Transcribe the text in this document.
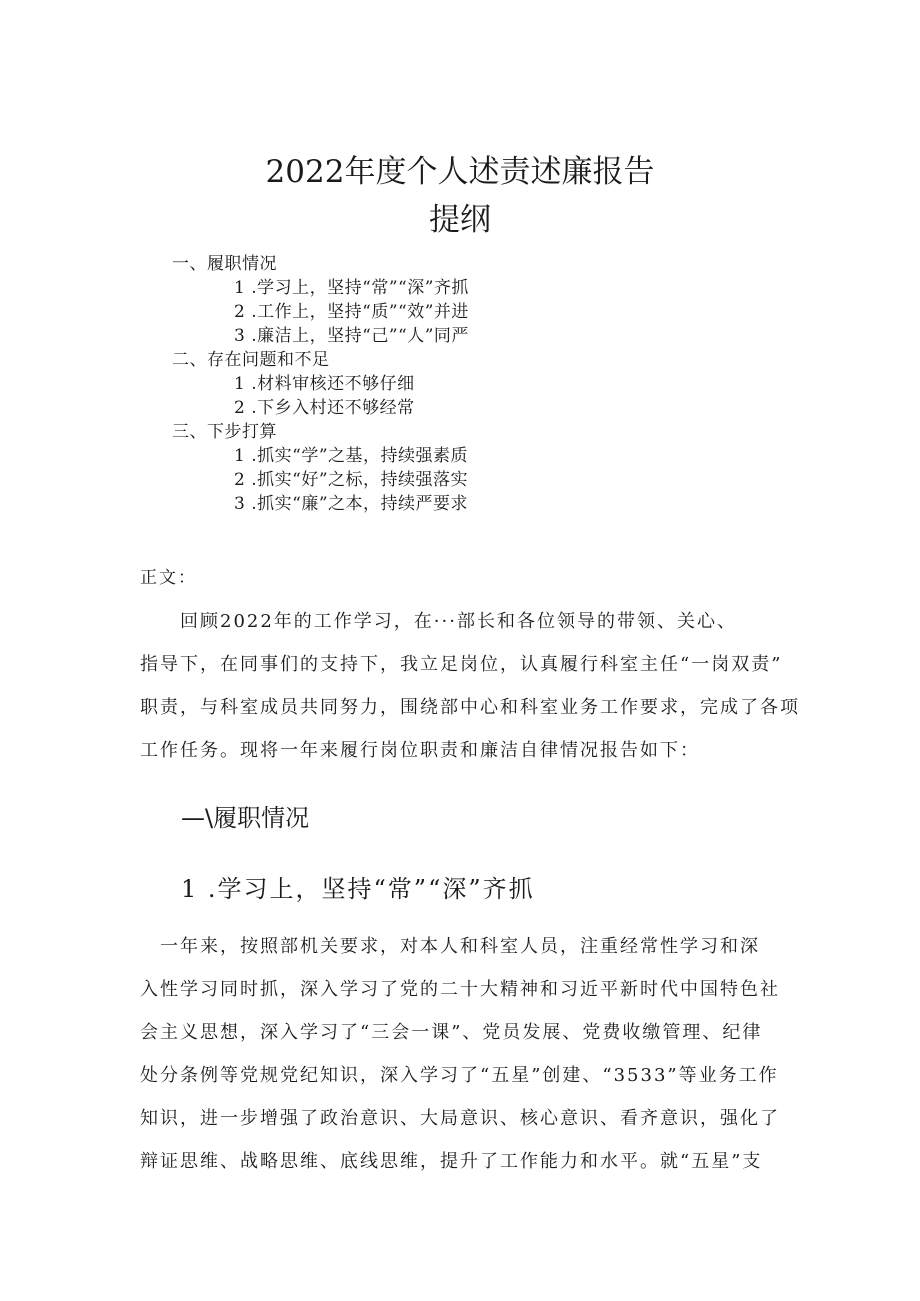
2022年度个人述责述廉报告
提纲
一、履职情况
1 .学习上，坚持“常”“深”齐抓
2 .工作上，坚持“质”“效”并进
3 .廉洁上，坚持“己”“人”同严
二、存在问题和不足
1 .材料审核还不够仔细
2 .下乡入村还不够经常
三、下步打算
1 .抓实“学”之基，持续强素质
2 .抓实“好”之标，持续强落实
3 .抓实“廉”之本，持续严要求
正文：
　　回顾2022年的工作学习，在···部长和各位领导的带领、关心、
指导下，在同事们的支持下，我立足岗位，认真履行科室主任“一岗双责”
职责，与科室成员共同努力，围绕部中心和科室业务工作要求，完成了各项
工作任务。现将一年来履行岗位职责和廉洁自律情况报告如下：
—\履职情况
1 .学习上，坚持“常”“深”齐抓
　一年来，按照部机关要求，对本人和科室人员，注重经常性学习和深
入性学习同时抓，深入学习了党的二十大精神和习近平新时代中国特色社
会主义思想，深入学习了“三会一课”、党员发展、党费收缴管理、纪律
处分条例等党规党纪知识，深入学习了“五星”创建、“3533”等业务工作
知识，进一步增强了政治意识、大局意识、核心意识、看齐意识，强化了
辩证思维、战略思维、底线思维，提升了工作能力和水平。就“五星”支
